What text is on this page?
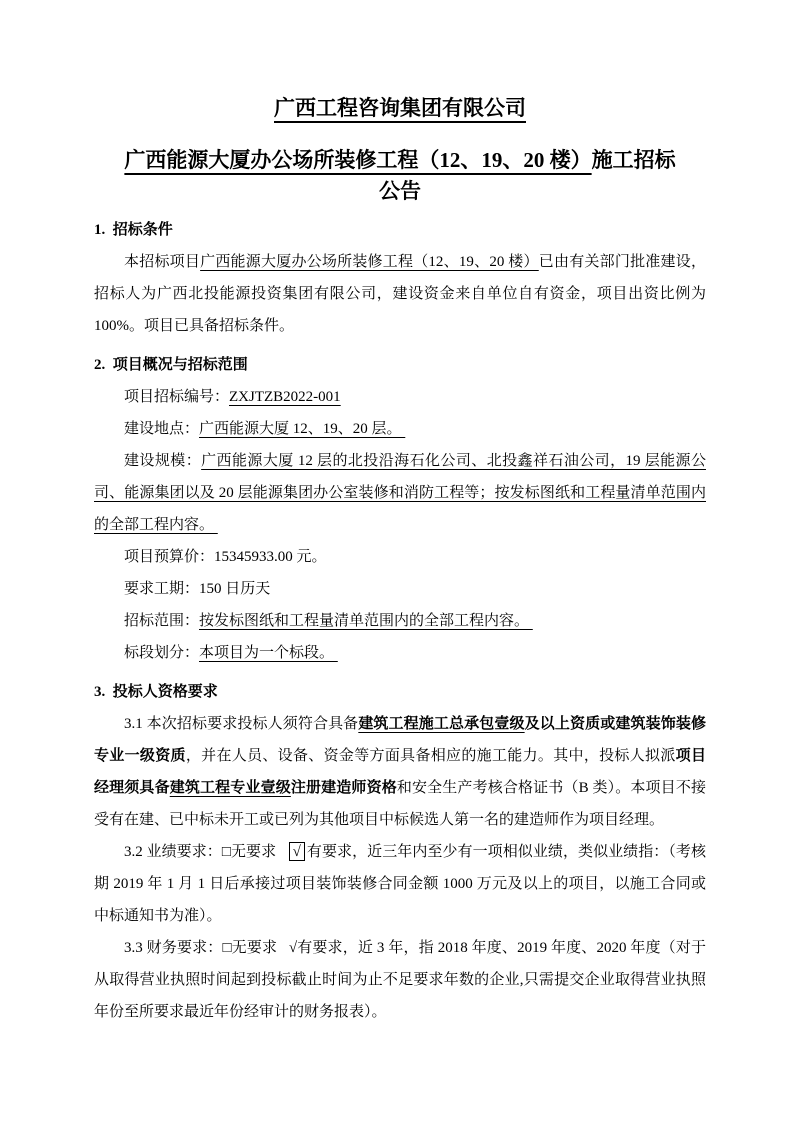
广西工程咨询集团有限公司
广西能源大厦办公场所装修工程（12、19、20 楼）施工招标
公告
1.  招标条件

本招标项目广西能源大厦办公场所装修工程（12、19、20 楼）已由有关部门批准建设，招标人为广西北投能源投资集团有限公司，建设资金来自单位自有资金，项目出资比例为 100%。项目已具备招标条件。

2.  项目概况与招标范围

项目招标编号：ZXJTZB2022-001

建设地点：广西能源大厦 12、19、20 层。

建设规模：广西能源大厦 12 层的北投沿海石化公司、北投鑫祥石油公司，19 层能源公司、能源集团以及 20 层能源集团办公室装修和消防工程等；按发标图纸和工程量清单范围内的全部工程内容。

项目预算价：15345933.00 元。

要求工期：150 日历天

招标范围：按发标图纸和工程量清单范围内的全部工程内容。

标段划分：本项目为一个标段。

3.  投标人资格要求

3.1 本次招标要求投标人须符合具备建筑工程施工总承包壹级及以上资质或建筑装饰装修专业一级资质，并在人员、设备、资金等方面具备相应的施工能力。其中，投标人拟派项目经理须具备建筑工程专业壹级注册建造师资格和安全生产考核合格证书（B 类）。本项目不接受有在建、已中标未开工或已列为其他项目中标候选人第一名的建造师作为项目经理。

3.2 业绩要求：□无要求   √ 有要求，近三年内至少有一项相似业绩，类似业绩指：（考核期 2019 年 1 月 1 日后承接过项目装饰装修合同金额 1000 万元及以上的项目，以施工合同或中标通知书为准）。

3.3 财务要求：□无要求   √有要求，近 3 年，指 2018 年度、2019 年度、2020 年度（对于从取得营业执照时间起到投标截止时间为止不足要求年数的企业,只需提交企业取得营业执照年份至所要求最近年份经审计的财务报表）。
